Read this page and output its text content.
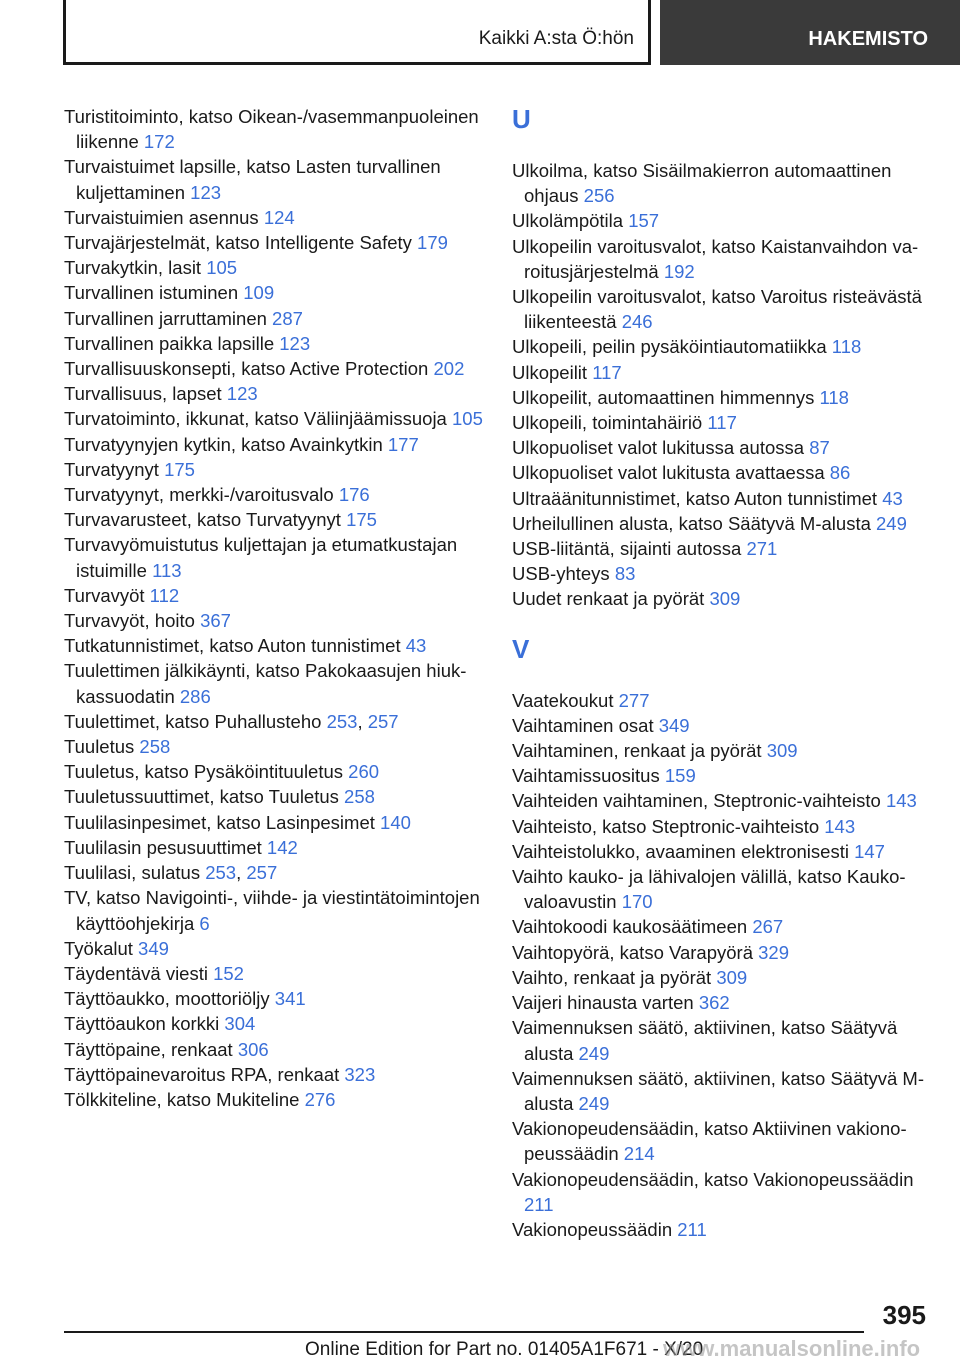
Kaikki A:sta Ö:hön	HAKEMISTO
Turistitoiminto, katso Oikean-/vasemmanpuoleinen liikenne 172
Turvaistuimet lapsille, katso Lasten turvallinen kuljettaminen 123
Turvaistuimien asennus 124
Turvajärjestelmät, katso Intelligente Safety 179
Turvakytkin, lasit 105
Turvallinen istuminen 109
Turvallinen jarruttaminen 287
Turvallinen paikka lapsille 123
Turvallisuuskonsepti, katso Active Protection 202
Turvallisuus, lapset 123
Turvatoiminto, ikkunat, katso Väliinjäämissuoja 105
Turvatyynyjen kytkin, katso Avainkytkin 177
Turvatyynyt 175
Turvatyynyt, merkki-/varoitusvalo 176
Turvavarusteet, katso Turvatyynyt 175
Turvavyömuistutus kuljettajan ja etumatkustajan istuimille 113
Turvavyöt 112
Turvavyöt, hoito 367
Tutkatunnistimet, katso Auton tunnistimet 43
Tuulettimen jälkikäynti, katso Pakokaasujen hiukkassuodatin 286
Tuulettimet, katso Puhallusteho 253, 257
Tuuletus 258
Tuuletus, katso Pysäköintituuletus 260
Tuuletussuuttimet, katso Tuuletus 258
Tuulilasinpesimet, katso Lasinpesimet 140
Tuulilasin pesusuuttimet 142
Tuulilasi, sulatus 253, 257
TV, katso Navigointi-, viihde- ja viestintätoimintojen käyttöohjekirja 6
Työkalut 349
Täydentävä viesti 152
Täyttöaukko, moottoriöljy 341
Täyttöaukon korkki 304
Täyttöpaine, renkaat 306
Täyttöpainevaroitus RPA, renkaat 323
Tölkkiteline, katso Mukiteline 276
U
Ulkoilma, katso Sisäilmakierron automaattinen ohjaus 256
Ulkolämpötila 157
Ulkopeilin varoitusvalot, katso Kaistanvaihdon varoitusjärjestelmä 192
Ulkopeilin varoitusvalot, katso Varoitus risteävästä liikenteestä 246
Ulkopeili, peilin pysäköintiautomatiikka 118
Ulkopeilit 117
Ulkopeilit, automaattinen himmennys 118
Ulkopeili, toimintahäiriö 117
Ulkopuoliset valot lukitussa autossa 87
Ulkopuoliset valot lukitusta avattaessa 86
Ultraäänitunnistimet, katso Auton tunnistimet 43
Urheilullinen alusta, katso Säätyvä M-alusta 249
USB-liitäntä, sijainti autossa 271
USB-yhteys 83
Uudet renkaat ja pyörät 309
V
Vaatekoukut 277
Vaihtaminen osat 349
Vaihtaminen, renkaat ja pyörät 309
Vaihtamissuositus 159
Vaihteiden vaihtaminen, Steptronic-vaihteisto 143
Vaihteisto, katso Steptronic-vaihteisto 143
Vaihteistolukko, avaaminen elektronisesti 147
Vaihto kauko- ja lähivalojen välillä, katso Kaukovaloavustin 170
Vaihtokoodi kaukosäätimeen 267
Vaihtopyörä, katso Varapyörä 329
Vaihto, renkaat ja pyörät 309
Vaijeri hinausta varten 362
Vaimennuksen säätö, aktiivinen, katso Säätyvä alusta 249
Vaimennuksen säätö, aktiivinen, katso Säätyvä M-alusta 249
Vakionopeudensäädin, katso Aktiivinen vakionopeussäädin 214
Vakionopeudensäädin, katso Vakionopeussäädin 211
Vakionopeussäädin 211
395
Online Edition for Part no. 01405A1F671 - X/20
www.manualsonline.info
